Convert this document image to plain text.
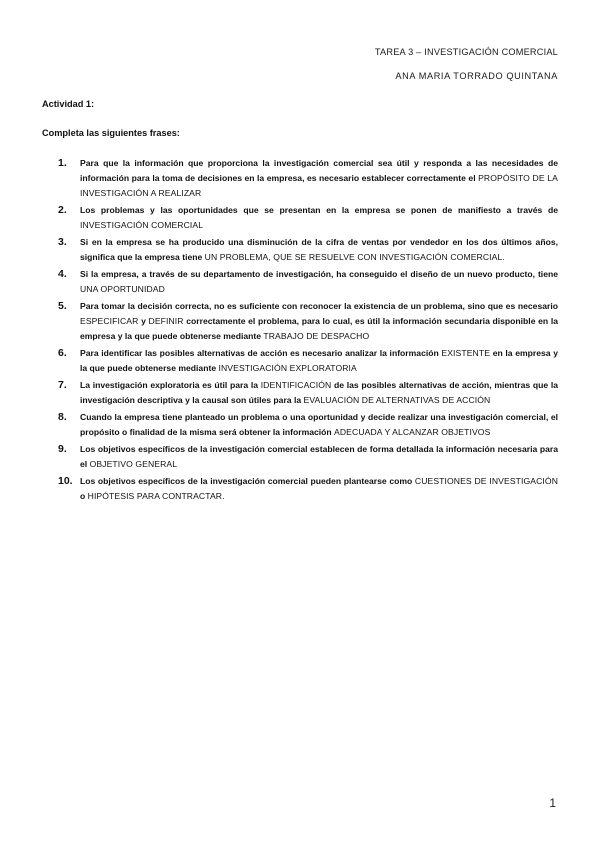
TAREA 3 – INVESTIGACIÓN COMERCIAL
ANA MARIA TORRADO QUINTANA
Actividad 1:
Completa las siguientes frases:
1. Para que la información que proporciona la investigación comercial sea útil y responda a las necesidades de información para la toma de decisiones en la empresa, es necesario establecer correctamente el PROPÓSITO DE LA INVESTIGACIÓN A REALIZAR
2. Los problemas y las oportunidades que se presentan en la empresa se ponen de manifiesto a través de INVESTIGACIÓN COMERCIAL
3. Si en la empresa se ha producido una disminución de la cifra de ventas por vendedor en los dos últimos años, significa que la empresa tiene UN PROBLEMA, QUE SE RESUELVE CON INVESTIGACIÓN COMERCIAL.
4. Si la empresa, a través de su departamento de investigación, ha conseguido el diseño de un nuevo producto, tiene UNA OPORTUNIDAD
5. Para tomar la decisión correcta, no es suficiente con reconocer la existencia de un problema, sino que es necesario ESPECIFICAR y DEFINIR correctamente el problema, para lo cual, es útil la información secundaria disponible en la empresa y la que puede obtenerse mediante TRABAJO DE DESPACHO
6. Para identificar las posibles alternativas de acción es necesario analizar la información EXISTENTE en la empresa y la que puede obtenerse mediante INVESTIGACIÓN EXPLORATORIA
7. La investigación exploratoria es útil para la IDENTIFICACIÓN de las posibles alternativas de acción, mientras que la investigación descriptiva y la causal son útiles para la EVALUACIÓN DE ALTERNATIVAS DE ACCIÓN
8. Cuando la empresa tiene planteado un problema o una oportunidad y decide realizar una investigación comercial, el propósito o finalidad de la misma será obtener la información ADECUADA Y ALCANZAR OBJETIVOS
9. Los objetivos específicos de la investigación comercial establecen de forma detallada la información necesaria para el OBJETIVO GENERAL
10. Los objetivos específicos de la investigación comercial pueden plantearse como CUESTIONES DE INVESTIGACIÓN o HIPÓTESIS PARA CONTRACTAR.
1
